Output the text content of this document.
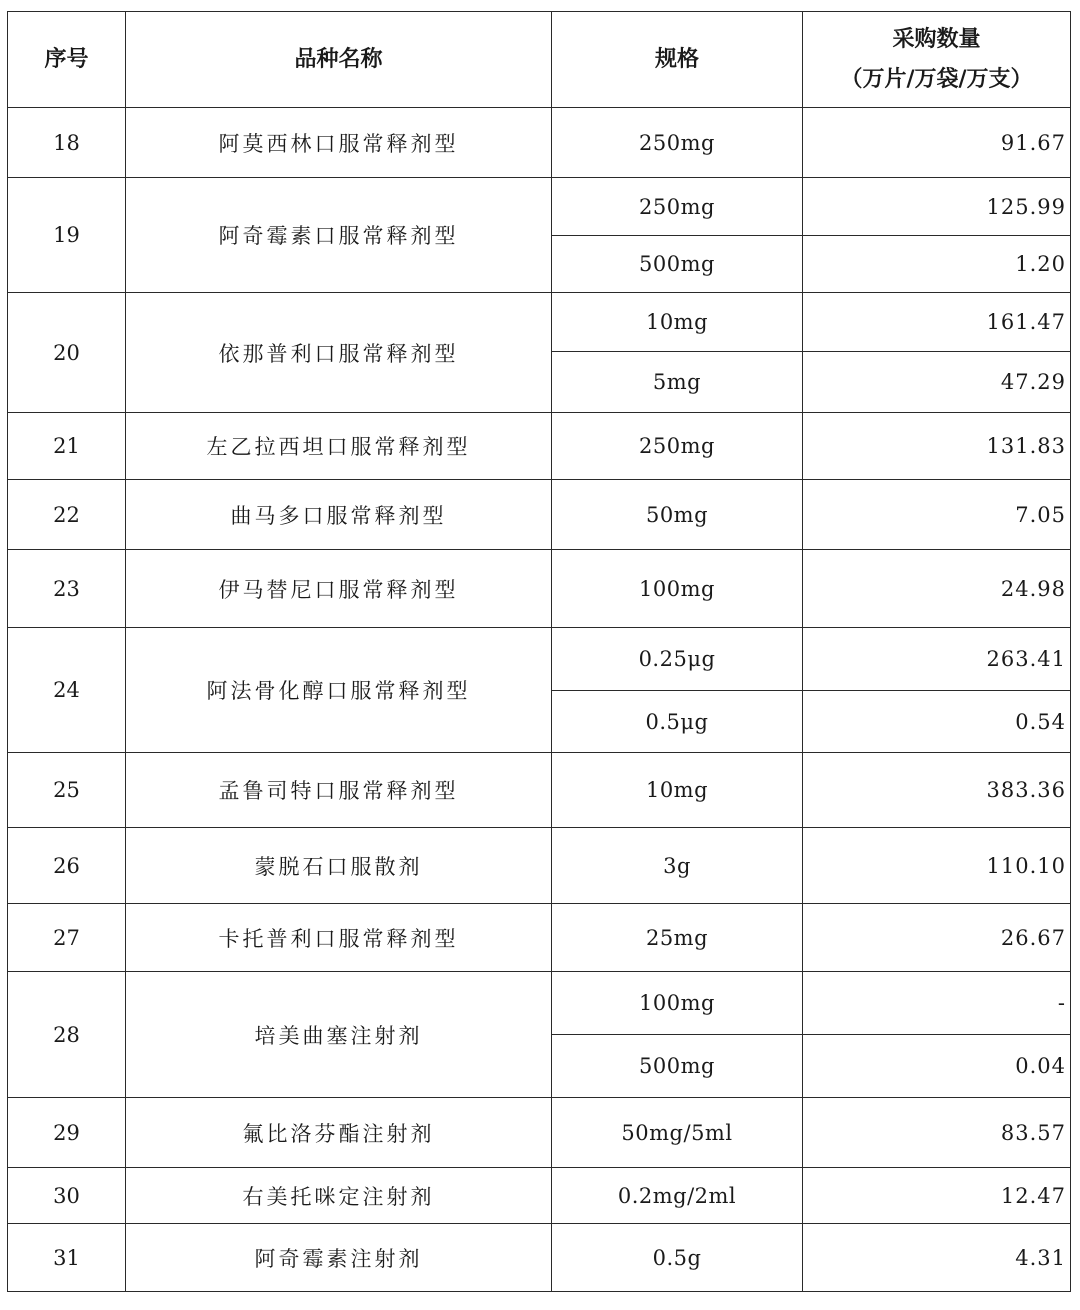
序号	品种名称	规格	采购数量
（万片/万袋/万支）

18	阿莫西林口服常释剂型	250mg	91.67
19	阿奇霉素口服常释剂型	250mg	125.99
		500mg	1.20
20	依那普利口服常释剂型	10mg	161.47
		5mg	47.29
21	左乙拉西坦口服常释剂型	250mg	131.83
22	曲马多口服常释剂型	50mg	7.05
23	伊马替尼口服常释剂型	100mg	24.98
24	阿法骨化醇口服常释剂型	0.25μg	263.41
		0.5μg	0.54
25	孟鲁司特口服常释剂型	10mg	383.36
26	蒙脱石口服散剂	3g	110.10
27	卡托普利口服常释剂型	25mg	26.67
28	培美曲塞注射剂	100mg	-
		500mg	0.04
29	氟比洛芬酯注射剂	50mg/5ml	83.57
30	右美托咪定注射剂	0.2mg/2ml	12.47
31	阿奇霉素注射剂	0.5g	4.31
